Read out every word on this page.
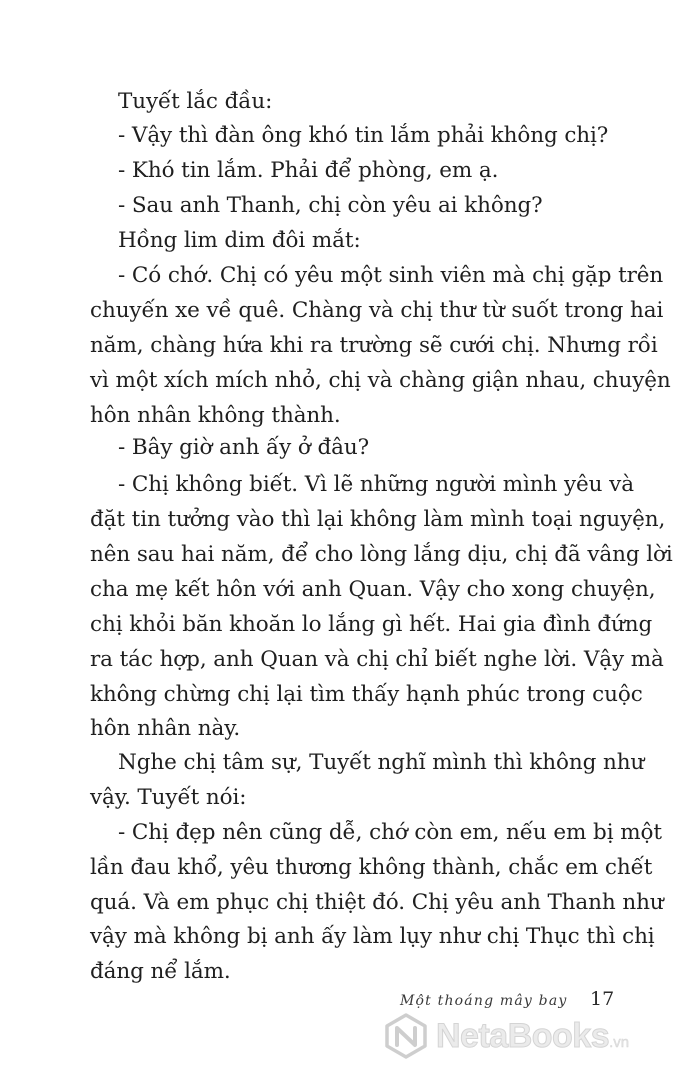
Tuyết lắc đầu:
- Vậy thì đàn ông khó tin lắm phải không chị?
- Khó tin lắm. Phải để phòng, em ạ.
- Sau anh Thanh, chị còn yêu ai không?
Hồng lim dim đôi mắt:
- Có chớ. Chị có yêu một sinh viên mà chị gặp trên
chuyến xe về quê. Chàng và chị thư từ suốt trong hai
năm, chàng hứa khi ra trường sẽ cưới chị. Nhưng rồi
vì một xích mích nhỏ, chị và chàng giận nhau, chuyện
hôn nhân không thành.
- Bây giờ anh ấy ở đâu?
- Chị không biết. Vì lẽ những người mình yêu và
đặt tin tưởng vào thì lại không làm mình toại nguyện,
nên sau hai năm, để cho lòng lắng dịu, chị đã vâng lời
cha mẹ kết hôn với anh Quan. Vậy cho xong chuyện,
chị khỏi băn khoăn lo lắng gì hết. Hai gia đình đứng
ra tác hợp, anh Quan và chị chỉ biết nghe lời. Vậy mà
không chừng chị lại tìm thấy hạnh phúc trong cuộc
hôn nhân này.
Nghe chị tâm sự, Tuyết nghĩ mình thì không như
vậy. Tuyết nói:
- Chị đẹp nên cũng dễ, chớ còn em, nếu em bị một
lần đau khổ, yêu thương không thành, chắc em chết
quá. Và em phục chị thiệt đó. Chị yêu anh Thanh như
vậy mà không bị anh ấy làm lụy như chị Thục thì chị
đáng nể lắm.
Một thoáng mây bay 17
NetaBooks.vn
